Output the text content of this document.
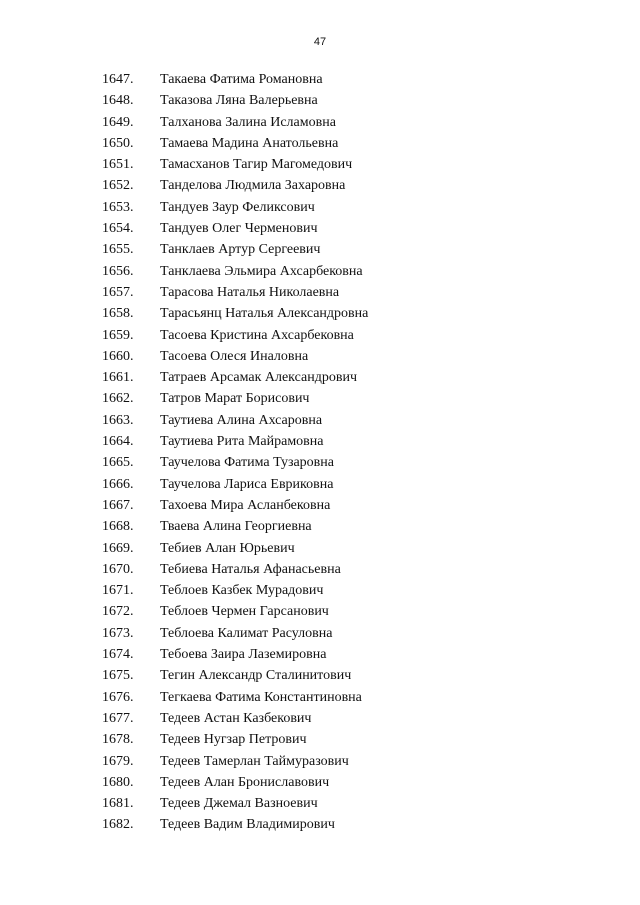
47
1647. Такаева Фатима Романовна
1648. Таказова Ляна Валерьевна
1649. Талханова Залина Исламовна
1650. Тамаева Мадина Анатольевна
1651. Тамасханов Тагир Магомедович
1652. Танделова Людмила Захаровна
1653. Тандуев Заур Феликсович
1654. Тандуев Олег Черменович
1655. Танклаев Артур Сергеевич
1656. Танклаева Эльмира Ахсарбековна
1657. Тарасова Наталья Николаевна
1658. Тарасьянц Наталья Александровна
1659. Тасоева Кристина Ахсарбековна
1660. Тасоева Олеся Иналовна
1661. Татраев Арсамак Александрович
1662. Татров Марат Борисович
1663. Таутиева Алина Ахсаровна
1664. Таутиева Рита Майрамовна
1665. Таучелова Фатима Тузаровна
1666. Таучелова Лариса Евриковна
1667. Тахоева Мира Асланбековна
1668. Тваева Алина Георгиевна
1669. Тебиев Алан Юрьевич
1670. Тебиева Наталья Афанасьевна
1671. Теблоев Казбек Мурадович
1672. Теблоев Чермен Гарсанович
1673. Теблоева Калимат Расуловна
1674. Тебоева Заира Лаземировна
1675. Тегин Александр Сталинитович
1676. Тегкаева Фатима Константиновна
1677. Тедеев Астан Казбекович
1678. Тедеев Нугзар Петрович
1679. Тедеев Тамерлан Таймуразович
1680. Тедеев Алан Брониславович
1681. Тедеев Джемал Вазноевич
1682. Тедеев Вадим Владимирович
